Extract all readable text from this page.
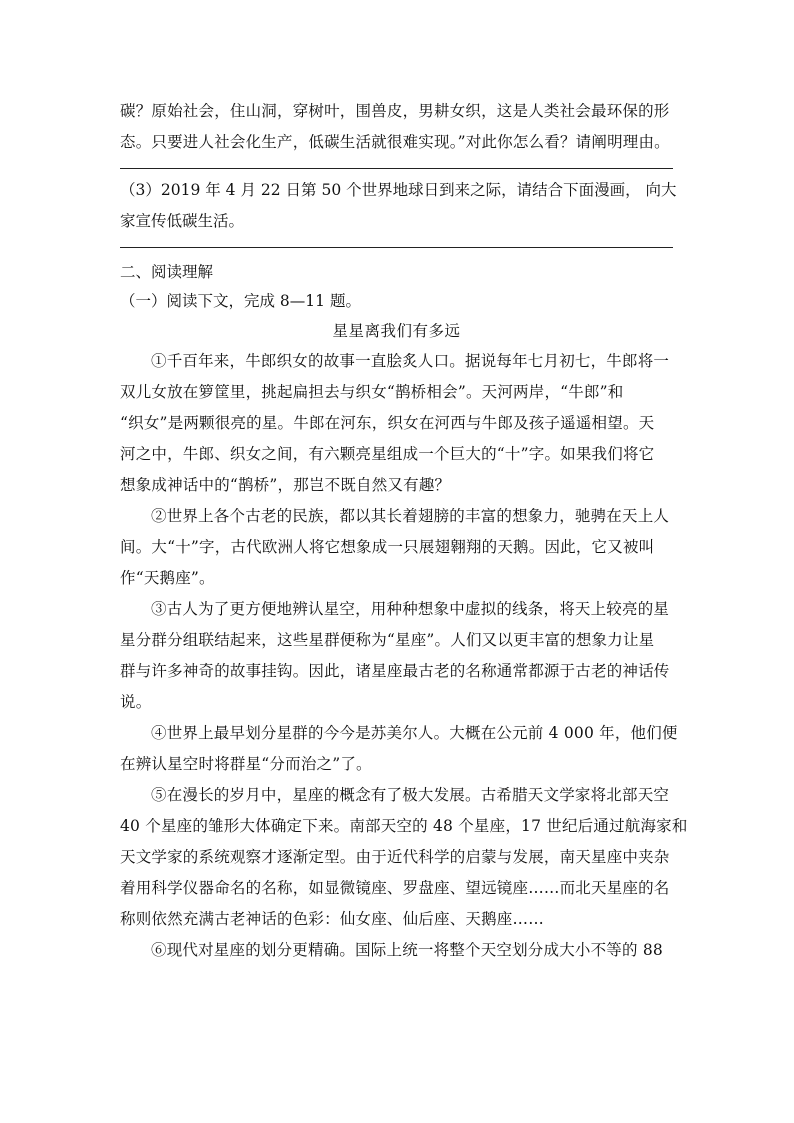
碳？原始社会，住山洞，穿树叶，围兽皮，男耕女织，这是人类社会最环保的形
态。只要进人社会化生产，低碳生活就很难实现。”对此你怎么看？请阐明理由。
（3）2019 年 4 月 22 日第 50 个世界地球日到来之际，请结合下面漫画， 向大
家宣传低碳生活。

二、阅读理解

（一）阅读下文，完成 8—11 题。

星星离我们有多远

①千百年来，牛郎织女的故事一直脍炙人口。据说每年七月初七，牛郎将一
双儿女放在箩筐里，挑起扁担去与织女“鹊桥相会”。天河两岸，“牛郎”和
“织女”是两颗很亮的星。牛郎在河东，织女在河西与牛郎及孩子遥遥相望。天
河之中，牛郎、织女之间，有六颗亮星组成一个巨大的“十”字。如果我们将它
想象成神话中的“鹊桥”，那岂不既自然又有趣？
②世界上各个古老的民族，都以其长着翅膀的丰富的想象力，驰骋在天上人
间。大“十”字，古代欧洲人将它想象成一只展翅翱翔的天鹅。因此，它又被叫
作“天鹅座”。
③古人为了更方便地辨认星空，用种种想象中虚拟的线条，将天上较亮的星
星分群分组联结起来，这些星群便称为“星座”。人们又以更丰富的想象力让星
群与许多神奇的故事挂钩。因此，诸星座最古老的名称通常都源于古老的神话传
说。
④世界上最早划分星群的今今是苏美尔人。大概在公元前 4 000 年，他们便
在辨认星空时将群星“分而治之”了。
⑤在漫长的岁月中，星座的概念有了极大发展。古希腊天文学家将北部天空
40 个星座的雏形大体确定下来。南部天空的 48 个星座，17 世纪后通过航海家和
天文学家的系统观察才逐渐定型。由于近代科学的启蒙与发展，南天星座中夹杂
着用科学仪器命名的名称，如显微镜座、罗盘座、望远镜座……而北天星座的名
称则依然充满古老神话的色彩：仙女座、仙后座、天鹅座……
⑥现代对星座的划分更精确。国际上统一将整个天空划分成大小不等的 88
